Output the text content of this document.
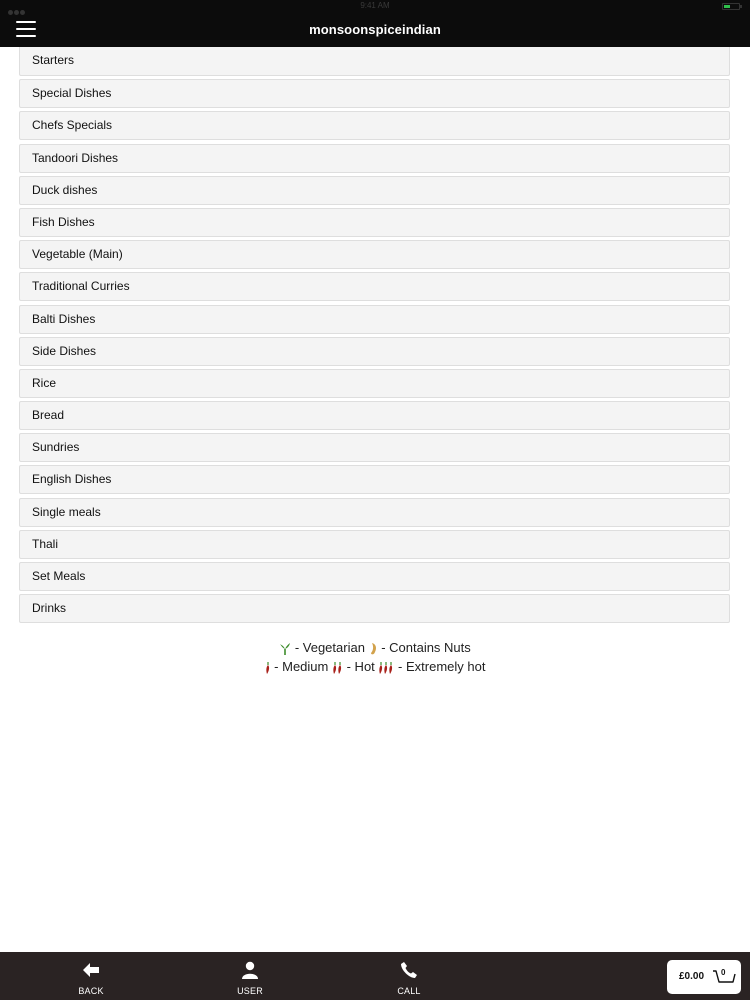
9:41 AM
monsoonspiceindian
Starters
Special Dishes
Chefs Specials
Tandoori Dishes
Duck dishes
Fish Dishes
Vegetable (Main)
Traditional Curries
Balti Dishes
Side Dishes
Rice
Bread
Sundries
English Dishes
Single meals
Thali
Set Meals
Drinks
- Vegetarian - Contains Nuts
- Medium - Hot - Extremely hot
BACK	USER	CALL
£0.00 0
